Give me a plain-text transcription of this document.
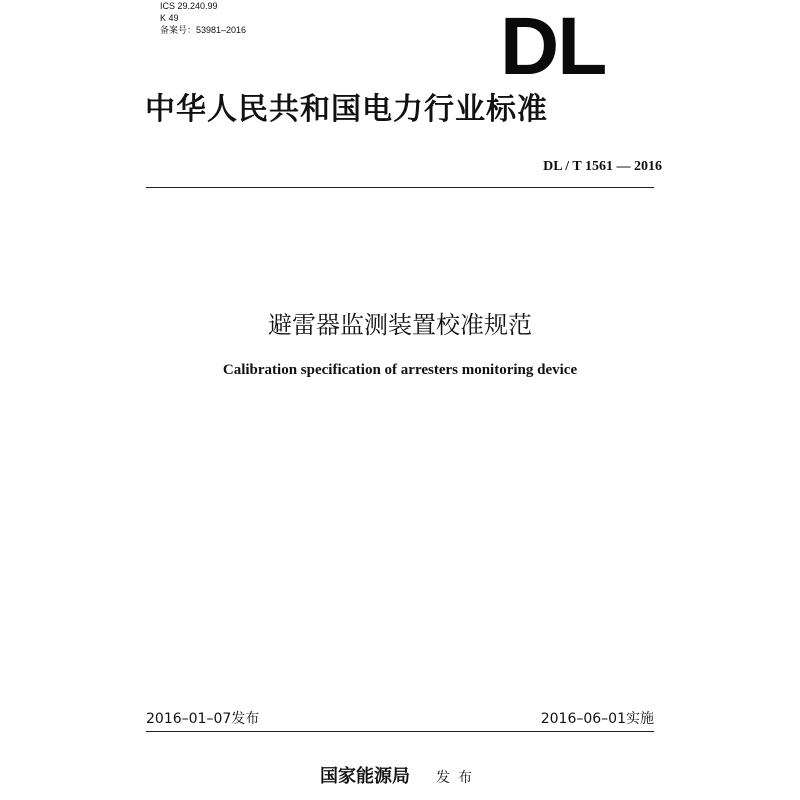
ICS 29.240.99
K 49
备案号：53981–2016	DL
中华人民共和国电力行业标准
DL / T 1561 — 2016
避雷器监测装置校准规范
Calibration specification of arresters monitoring device
2016–01–07发布	2016–06–01实施
国家能源局 发布
